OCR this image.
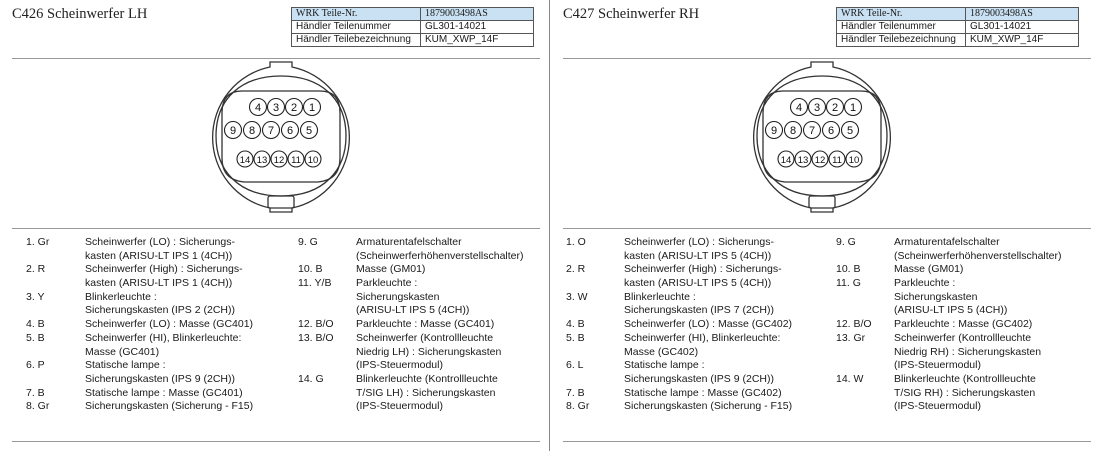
C426 Scheinwerfer LH	WRK Teile-Nr.	1879003498AS
Händler Teilenummer	GL301-14021
Händler Teilebezeichnung	KUM_XWP_14F
4 3 2 1
9 8 7 6 5
14 13 12 11 10
1. Gr	Scheinwerfer (LO) : Sicherungs-
kasten (ARISU-LT IPS 1 (4CH))
2. R	Scheinwerfer (High) : Sicherungs-
kasten (ARISU-LT IPS 1 (4CH))
3. Y	Blinkerleuchte :
Sicherungskasten (IPS 2 (2CH))
4. B	Scheinwerfer (LO) : Masse (GC401)
5. B	Scheinwerfer (HI), Blinkerleuchte:
Masse (GC401)
6. P	Statische lampe :
Sicherungskasten (IPS 9 (2CH))
7. B	Statische lampe : Masse (GC401)
8. Gr	Sicherungskasten (Sicherung - F15)
9. G	Armaturentafelschalter
(Scheinwerferhöhenverstellschalter)
10. B	Masse (GM01)
11. Y/B Parkleuchte :
Sicherungskasten
(ARISU-LT IPS 5 (4CH))
12. B/O Parkleuchte : Masse (GC401)
13. B/O Scheinwerfer (Kontrollleuchte
Niedrig LH) : Sicherungskasten
(IPS-Steuermodul)
14. G	Blinkerleuchte (Kontrollleuchte
T/SIG LH) : Sicherungskasten
(IPS-Steuermodul)
C427 Scheinwerfer RH	WRK Teile-Nr.	1879003498AS
Händler Teilenummer	GL301-14021
Händler Teilebezeichnung	KUM_XWP_14F
4 3 2 1
9 8 7 6 5
14 13 12 11 10
1. O	Scheinwerfer (LO) : Sicherungs-
kasten (ARISU-LT IPS 5 (4CH))
2. R	Scheinwerfer (High) : Sicherungs-
kasten (ARISU-LT IPS 5 (4CH))
3. W	Blinkerleuchte :
Sicherungskasten (IPS 7 (2CH))
4. B	Scheinwerfer (LO) : Masse (GC402)
5. B	Scheinwerfer (HI), Blinkerleuchte:
Masse (GC402)
6. L	Statische lampe :
Sicherungskasten (IPS 9 (2CH))
7. B	Statische lampe : Masse (GC402)
8. Gr	Sicherungskasten (Sicherung - F15)
9. G	Armaturentafelschalter
(Scheinwerferhöhenverstellschalter)
10. B	Masse (GM01)
11. G	Parkleuchte :
Sicherungskasten
(ARISU-LT IPS 5 (4CH))
12. B/O Parkleuchte : Masse (GC402)
13. Gr	Scheinwerfer (Kontrollleuchte
Niedrig RH) : Sicherungskasten
(IPS-Steuermodul)
14. W	Blinkerleuchte (Kontrollleuchte
T/SIG RH) : Sicherungskasten
(IPS-Steuermodul)
